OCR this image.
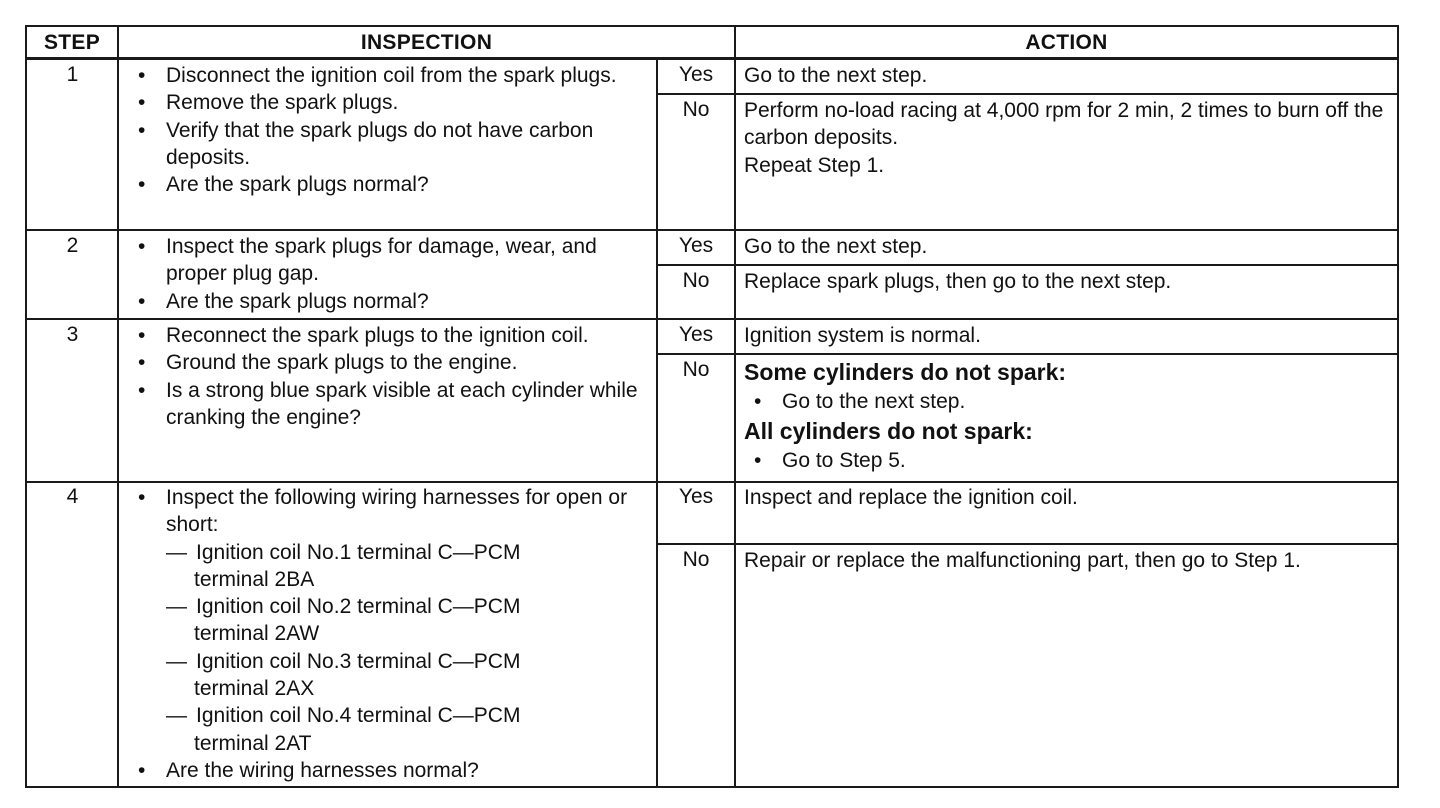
STEP	INSPECTION	ACTION
1	• Disconnect the ignition coil from the spark plugs.
• Remove the spark plugs.
• Verify that the spark plugs do not have carbon deposits.
• Are the spark plugs normal?
Yes	Go to the next step.
No	Perform no-load racing at 4,000 rpm for 2 min, 2 times to burn off the carbon deposits.
Repeat Step 1.
2	• Inspect the spark plugs for damage, wear, and proper plug gap.
• Are the spark plugs normal?
Yes	Go to the next step.
No	Replace spark plugs, then go to the next step.
3	• Reconnect the spark plugs to the ignition coil.
• Ground the spark plugs to the engine.
• Is a strong blue spark visible at each cylinder while cranking the engine?
Yes	Ignition system is normal.
No	Some cylinders do not spark:
• Go to the next step.
All cylinders do not spark:
• Go to Step 5.
4	• Inspect the following wiring harnesses for open or short:
— Ignition coil No.1 terminal C—PCM
terminal 2BA
— Ignition coil No.2 terminal C—PCM
terminal 2AW
— Ignition coil No.3 terminal C—PCM
terminal 2AX
— Ignition coil No.4 terminal C—PCM
terminal 2AT
• Are the wiring harnesses normal?
Yes	Inspect and replace the ignition coil.
No	Repair or replace the malfunctioning part, then go to Step 1.
